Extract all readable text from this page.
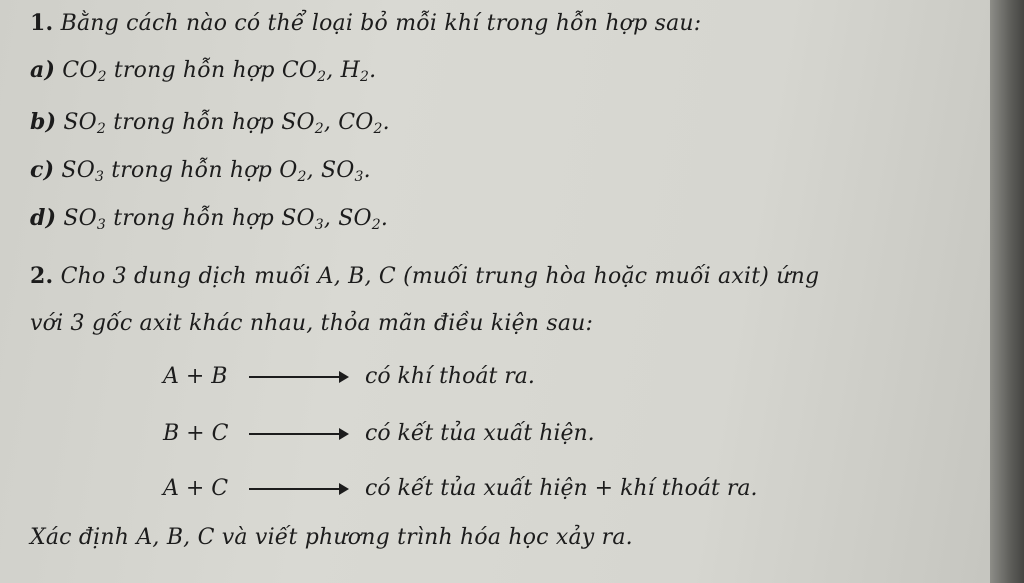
1. Bằng cách nào có thể loại bỏ mỗi khí trong hỗn hợp sau:
a) $CO_2$ trong hỗn hợp $CO_2$, $H_2$.
b) $SO_2$ trong hỗn hợp $SO_2$, $CO_2$.
c) $SO_3$ trong hỗn hợp $O_2$, $SO_3$.
d) $SO_3$ trong hỗn hợp $SO_3$, $SO_2$.
2. Cho 3 dung dịch muối A, B, C (muối trung hòa hoặc muối axit) ứng
với 3 gốc axit khác nhau, thỏa mãn điều kiện sau:
A + B	có khí thoát ra.
B + C	có kết tủa xuất hiện.
A + C	có kết tủa xuất hiện + khí thoát ra.
Xác định A, B, C và viết phương trình hóa học xảy ra.
